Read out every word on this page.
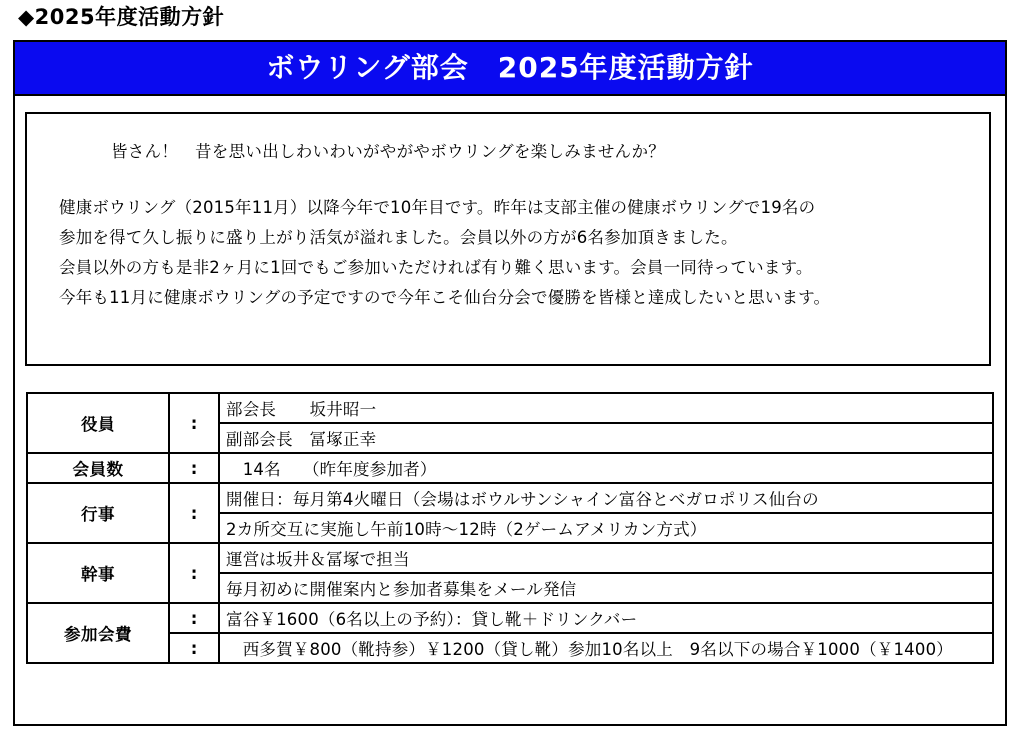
◆2025年度活動方針
ボウリング部会　2025年度活動方針
皆さん！　昔を思い出しわいわいがやがやボウリングを楽しみませんか？
健康ボウリング（2015年11月）以降今年で10年目です。昨年は支部主催の健康ボウリングで19名の
参加を得て久し振りに盛り上がり活気が溢れました。会員以外の方が6名参加頂きました。
会員以外の方も是非2ヶ月に1回でもご参加いただければ有り難く思います。会員一同待っています。
今年も11月に健康ボウリングの予定ですので今年こそ仙台分会で優勝を皆様と達成したいと思います。
役員	:	部会長　　坂井昭一
		副部会長　冨塚正幸
会員数	:	　14名　 （昨年度参加者）
行事	:	開催日：毎月第4火曜日（会場はボウルサンシャイン富谷とベガロポリス仙台の
		2カ所交互に実施し午前10時～12時（2ゲームアメリカン方式）
幹事	:	運営は坂井＆冨塚で担当
		毎月初めに開催案内と参加者募集をメール発信
参加会費	:	富谷￥1600（6名以上の予約）：貸し靴＋ドリンクバー
	:	　西多賀￥800（靴持参）￥1200（貸し靴）参加10名以上　9名以下の場合￥1000（￥1400）
